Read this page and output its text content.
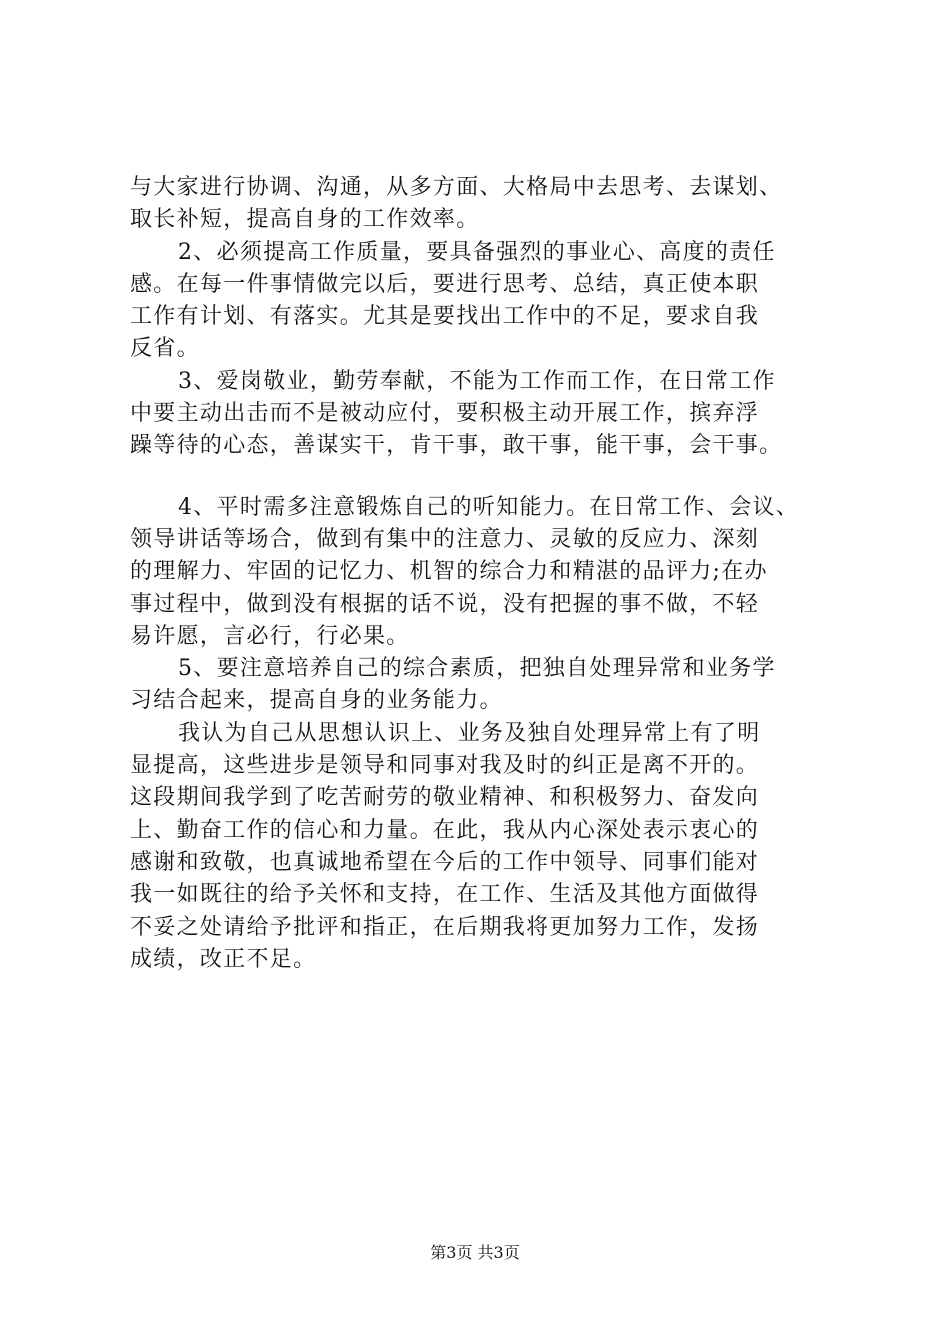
与大家进行协调、沟通，从多方面、大格局中去思考、去谋划、
取长补短，提高自身的工作效率。
2、必须提高工作质量，要具备强烈的事业心、高度的责任
感。在每一件事情做完以后，要进行思考、总结，真正使本职
工作有计划、有落实。尤其是要找出工作中的不足，要求自我
反省。
3、爱岗敬业，勤劳奉献，不能为工作而工作，在日常工作
中要主动出击而不是被动应付，要积极主动开展工作，摈弃浮
躁等待的心态，善谋实干，肯干事，敢干事，能干事，会干事。
4、平时需多注意锻炼自己的听知能力。在日常工作、会议、
领导讲话等场合，做到有集中的注意力、灵敏的反应力、深刻
的理解力、牢固的记忆力、机智的综合力和精湛的品评力;在办
事过程中，做到没有根据的话不说，没有把握的事不做，不轻
易许愿，言必行，行必果。
5、要注意培养自己的综合素质，把独自处理异常和业务学
习结合起来，提高自身的业务能力。
我认为自己从思想认识上、业务及独自处理异常上有了明
显提高，这些进步是领导和同事对我及时的纠正是离不开的。
这段期间我学到了吃苦耐劳的敬业精神、和积极努力、奋发向
上、勤奋工作的信心和力量。在此，我从内心深处表示衷心的
感谢和致敬，也真诚地希望在今后的工作中领导、同事们能对
我一如既往的给予关怀和支持，在工作、生活及其他方面做得
不妥之处请给予批评和指正，在后期我将更加努力工作，发扬
成绩，改正不足。
第3页 共3页
